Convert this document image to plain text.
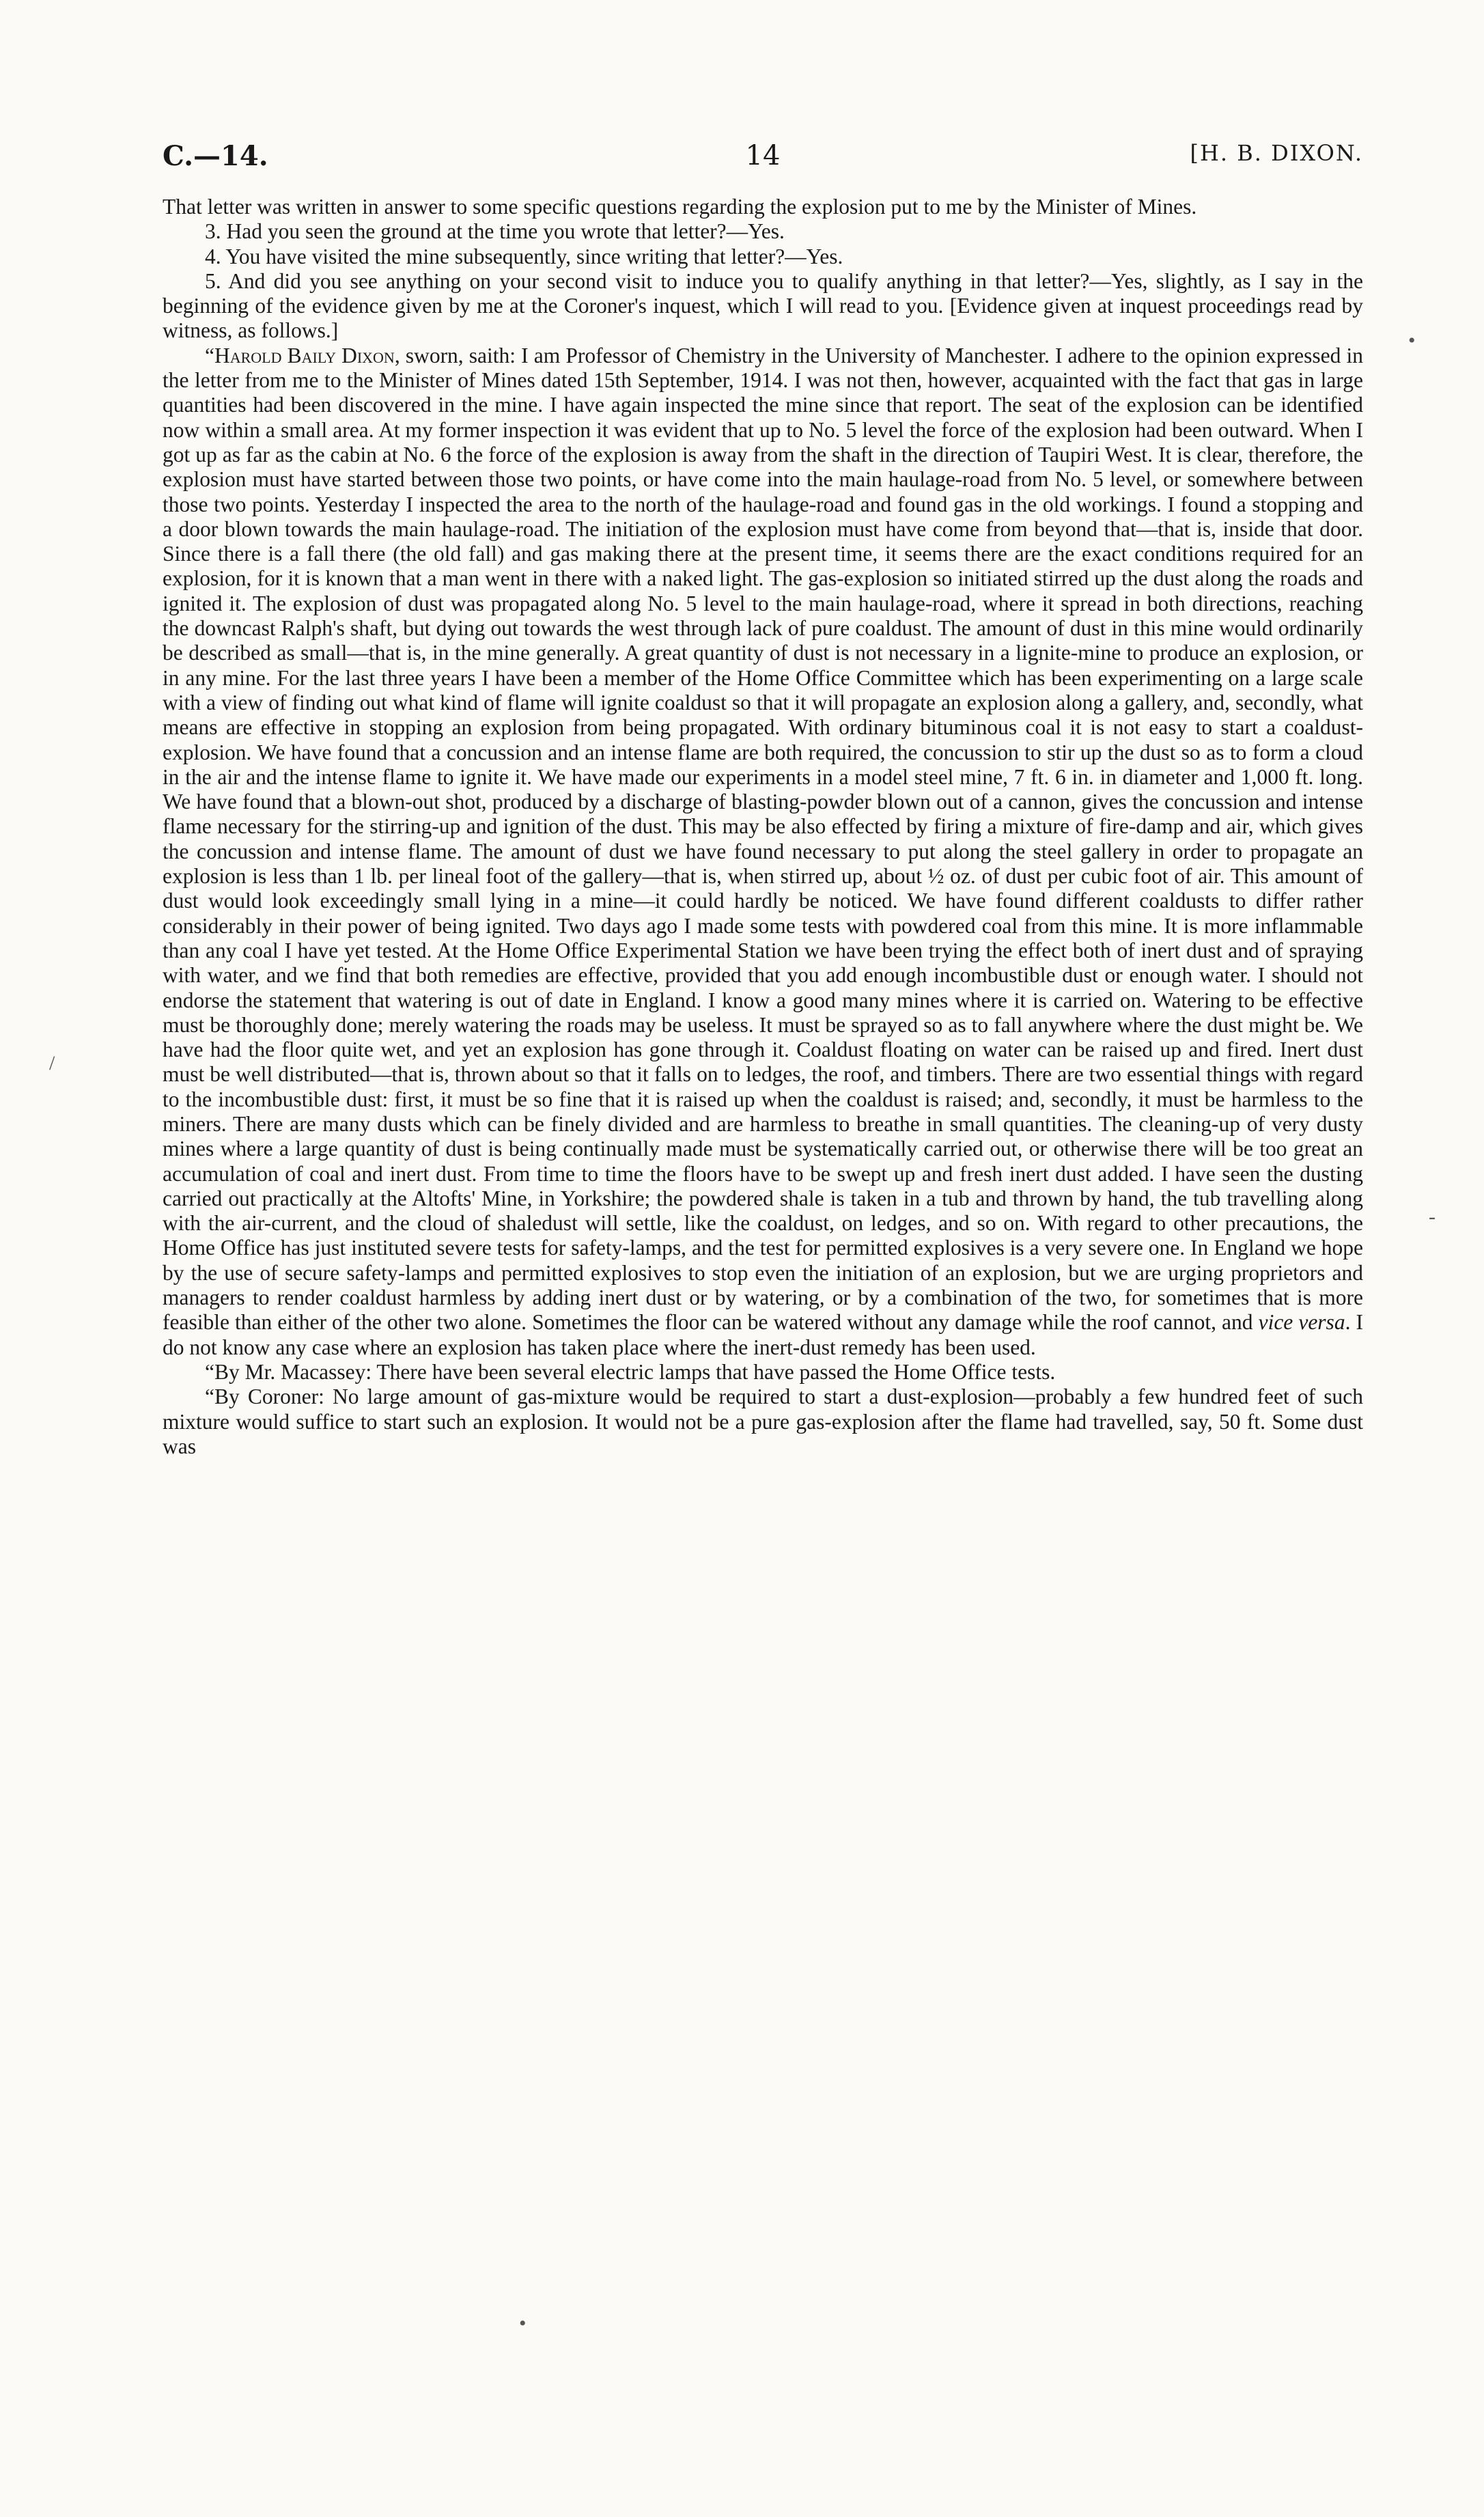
C.—14.	14	[H. B. DIXON.

That letter was written in answer to some specific questions regarding the explosion put to me by the Minister of Mines.

3. Had you seen the ground at the time you wrote that letter?—Yes.

4. You have visited the mine subsequently, since writing that letter?—Yes.

5. And did you see anything on your second visit to induce you to qualify anything in that letter?—Yes, slightly, as I say in the beginning of the evidence given by me at the Coroner's inquest, which I will read to you. [Evidence given at inquest proceedings read by witness, as follows.]

“Harold Baily Dixon, sworn, saith: I am Professor of Chemistry in the University of Manchester. I adhere to the opinion expressed in the letter from me to the Minister of Mines dated 15th September, 1914. I was not then, however, acquainted with the fact that gas in large quantities had been discovered in the mine. I have again inspected the mine since that report. The seat of the explosion can be identified now within a small area. At my former inspection it was evident that up to No. 5 level the force of the explosion had been outward. When I got up as far as the cabin at No. 6 the force of the explosion is away from the shaft in the direction of Taupiri West. It is clear, therefore, the explosion must have started between those two points, or have come into the main haulage-road from No. 5 level, or somewhere between those two points. Yesterday I inspected the area to the north of the haulage-road and found gas in the old workings. I found a stopping and a door blown towards the main haulage-road. The initiation of the explosion must have come from beyond that—that is, inside that door. Since there is a fall there (the old fall) and gas making there at the present time, it seems there are the exact conditions required for an explosion, for it is known that a man went in there with a naked light. The gas-explosion so initiated stirred up the dust along the roads and ignited it. The explosion of dust was propagated along No. 5 level to the main haulage-road, where it spread in both directions, reaching the downcast Ralph's shaft, but dying out towards the west through lack of pure coaldust. The amount of dust in this mine would ordinarily be described as small—that is, in the mine generally. A great quantity of dust is not necessary in a lignite-mine to produce an explosion, or in any mine. For the last three years I have been a member of the Home Office Committee which has been experimenting on a large scale with a view of finding out what kind of flame will ignite coaldust so that it will propagate an explosion along a gallery, and, secondly, what means are effective in stopping an explosion from being propagated. With ordinary bituminous coal it is not easy to start a coaldust-explosion. We have found that a concussion and an intense flame are both required, the concussion to stir up the dust so as to form a cloud in the air and the intense flame to ignite it. We have made our experiments in a model steel mine, 7 ft. 6 in. in diameter and 1,000 ft. long. We have found that a blown-out shot, produced by a discharge of blasting-powder blown out of a cannon, gives the concussion and intense flame necessary for the stirring-up and ignition of the dust. This may be also effected by firing a mixture of fire-damp and air, which gives the concussion and intense flame. The amount of dust we have found necessary to put along the steel gallery in order to propagate an explosion is less than 1 lb. per lineal foot of the gallery—that is, when stirred up, about ½ oz. of dust per cubic foot of air. This amount of dust would look exceedingly small lying in a mine—it could hardly be noticed. We have found different coaldusts to differ rather considerably in their power of being ignited. Two days ago I made some tests with powdered coal from this mine. It is more inflammable than any coal I have yet tested. At the Home Office Experimental Station we have been trying the effect both of inert dust and of spraying with water, and we find that both remedies are effective, provided that you add enough incombustible dust or enough water. I should not endorse the statement that watering is out of date in England. I know a good many mines where it is carried on. Watering to be effective must be thoroughly done; merely watering the roads may be useless. It must be sprayed so as to fall anywhere where the dust might be. We have had the floor quite wet, and yet an explosion has gone through it. Coaldust floating on water can be raised up and fired. Inert dust must be well distributed—that is, thrown about so that it falls on to ledges, the roof, and timbers. There are two essential things with regard to the incombustible dust: first, it must be so fine that it is raised up when the coaldust is raised; and, secondly, it must be harmless to the miners. There are many dusts which can be finely divided and are harmless to breathe in small quantities. The cleaning-up of very dusty mines where a large quantity of dust is being continually made must be systematically carried out, or otherwise there will be too great an accumulation of coal and inert dust. From time to time the floors have to be swept up and fresh inert dust added. I have seen the dusting carried out practically at the Altofts' Mine, in Yorkshire; the powdered shale is taken in a tub and thrown by hand, the tub travelling along with the air-current, and the cloud of shaledust will settle, like the coaldust, on ledges, and so on. With regard to other precautions, the Home Office has just instituted severe tests for safety-lamps, and the test for permitted explosives is a very severe one. In England we hope by the use of secure safety-lamps and permitted explosives to stop even the initiation of an explosion, but we are urging proprietors and managers to render coaldust harmless by adding inert dust or by watering, or by a combination of the two, for sometimes that is more feasible than either of the other two alone. Sometimes the floor can be watered without any damage while the roof cannot, and vice versa. I do not know any case where an explosion has taken place where the inert-dust remedy has been used.

“By Mr. Macassey: There have been several electric lamps that have passed the Home Office tests.

“By Coroner: No large amount of gas-mixture would be required to start a dust-explosion—probably a few hundred feet of such mixture would suffice to start such an explosion. It would not be a pure gas-explosion after the flame had travelled, say, 50 ft. Some dust was

•
/
-
•
